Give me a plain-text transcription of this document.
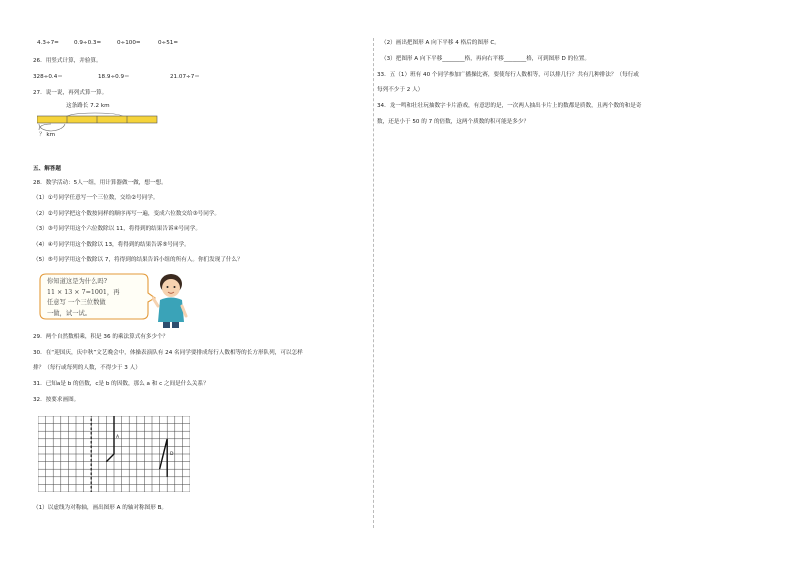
4.3÷7=	0.9÷0.3=	0÷100=	0÷51=
26．用竖式计算，并验算。
328÷0.4＝	18.9÷0.9＝	21.07÷7＝
27．说一说，再列式算一算。
这条路长 7.2 km
？ km
五、解答题
28．数学活动：5人一组，用计算器做一做，想一想。
（1）①号同学任意写一个三位数，交给②号同学。
（2）②号同学把这个数按同样的顺序再写一遍，变成六位数交给③号同学。
（3）③号同学用这个六位数除以 11，将得到的结果告诉④号同学。
（4）④号同学用这个数除以 13，将得到的结果告诉⑤号同学。
（5）⑤号同学用这个数除以 7，将得到的结果告诉小组的所有人。你们发现了什么？
你知道这是为什么吗?
11 × 13 × 7=1001，再
任意写 一个三位数做
一做，试一试。
29．两个自然数相乘，积是 36 的乘法算式有多少个？
30．在“迎国庆，庆中秋”文艺晚会中，体操表演队有 24 名同学要排成每行人数相等的长方形队列，可以怎样
排？（每行或每列的人数，不得少于 3 人）
31．已知a是 b 的倍数，c是 b 的因数，那么 a 和 c 之间是什么关系？
32．按要求画图。
A
D
（1）以虚线为对称轴，画出图形 A 的轴对称图形 B。
（2）画出把图形 A 向下平移 4 格后的图形 C。
（3）把图形 A 向下平移________格，再向右平移________格，可到图形 D 的位置。
33．五（1）班有 40 个同学参加广播操比赛，要使每行人数相等，可以排几行？共有几种排法？（每行或
每列不少于 2 人）
34．龙一鸣和壮壮玩抽数字卡片游戏，有意思的是，一次两人抽出卡片上的数都是质数，且两个数的和是奇
数，还是小于 50 的 7 的倍数，这两个质数的积可能是多少？
